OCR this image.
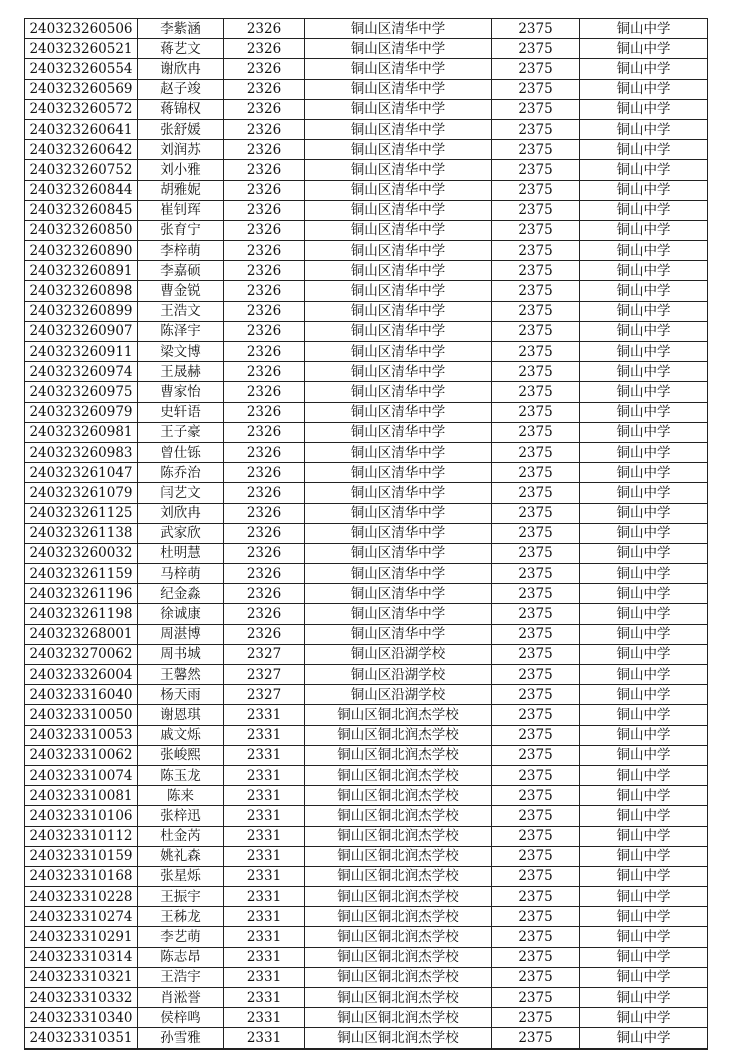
240323260506	李紫涵	2326	铜山区清华中学	2375	铜山中学
240323260521	蒋艺文	2326	铜山区清华中学	2375	铜山中学
240323260554	谢欣冉	2326	铜山区清华中学	2375	铜山中学
240323260569	赵子竣	2326	铜山区清华中学	2375	铜山中学
240323260572	蒋锦权	2326	铜山区清华中学	2375	铜山中学
240323260641	张舒媛	2326	铜山区清华中学	2375	铜山中学
240323260642	刘润苏	2326	铜山区清华中学	2375	铜山中学
240323260752	刘小雅	2326	铜山区清华中学	2375	铜山中学
240323260844	胡雅妮	2326	铜山区清华中学	2375	铜山中学
240323260845	崔钊珲	2326	铜山区清华中学	2375	铜山中学
240323260850	张育宁	2326	铜山区清华中学	2375	铜山中学
240323260890	李梓萌	2326	铜山区清华中学	2375	铜山中学
240323260891	李嘉硕	2326	铜山区清华中学	2375	铜山中学
240323260898	曹金锐	2326	铜山区清华中学	2375	铜山中学
240323260899	王浩文	2326	铜山区清华中学	2375	铜山中学
240323260907	陈泽宇	2326	铜山区清华中学	2375	铜山中学
240323260911	梁文博	2326	铜山区清华中学	2375	铜山中学
240323260974	王晟赫	2326	铜山区清华中学	2375	铜山中学
240323260975	曹家怡	2326	铜山区清华中学	2375	铜山中学
240323260979	史轩语	2326	铜山区清华中学	2375	铜山中学
240323260981	王子豪	2326	铜山区清华中学	2375	铜山中学
240323260983	曾仕铄	2326	铜山区清华中学	2375	铜山中学
240323261047	陈乔治	2326	铜山区清华中学	2375	铜山中学
240323261079	闫艺文	2326	铜山区清华中学	2375	铜山中学
240323261125	刘欣冉	2326	铜山区清华中学	2375	铜山中学
240323261138	武家欣	2326	铜山区清华中学	2375	铜山中学
240323260032	杜明慧	2326	铜山区清华中学	2375	铜山中学
240323261159	马梓萌	2326	铜山区清华中学	2375	铜山中学
240323261196	纪金淼	2326	铜山区清华中学	2375	铜山中学
240323261198	徐诚康	2326	铜山区清华中学	2375	铜山中学
240323268001	周湛博	2326	铜山区清华中学	2375	铜山中学
240323270062	周书城	2327	铜山区沿湖学校	2375	铜山中学
240323326004	王馨然	2327	铜山区沿湖学校	2375	铜山中学
240323316040	杨天雨	2327	铜山区沿湖学校	2375	铜山中学
240323310050	谢恩琪	2331	铜山区铜北润杰学校	2375	铜山中学
240323310053	戚文烁	2331	铜山区铜北润杰学校	2375	铜山中学
240323310062	张峻熙	2331	铜山区铜北润杰学校	2375	铜山中学
240323310074	陈玉龙	2331	铜山区铜北润杰学校	2375	铜山中学
240323310081	陈来	2331	铜山区铜北润杰学校	2375	铜山中学
240323310106	张梓迅	2331	铜山区铜北润杰学校	2375	铜山中学
240323310112	杜金芮	2331	铜山区铜北润杰学校	2375	铜山中学
240323310159	姚礼森	2331	铜山区铜北润杰学校	2375	铜山中学
240323310168	张星烁	2331	铜山区铜北润杰学校	2375	铜山中学
240323310228	王振宇	2331	铜山区铜北润杰学校	2375	铜山中学
240323310274	王秭龙	2331	铜山区铜北润杰学校	2375	铜山中学
240323310291	李艺萌	2331	铜山区铜北润杰学校	2375	铜山中学
240323310314	陈志昂	2331	铜山区铜北润杰学校	2375	铜山中学
240323310321	王浩宇	2331	铜山区铜北润杰学校	2375	铜山中学
240323310332	肖淞誉	2331	铜山区铜北润杰学校	2375	铜山中学
240323310340	侯梓鸣	2331	铜山区铜北润杰学校	2375	铜山中学
240323310351	孙雪雅	2331	铜山区铜北润杰学校	2375	铜山中学
